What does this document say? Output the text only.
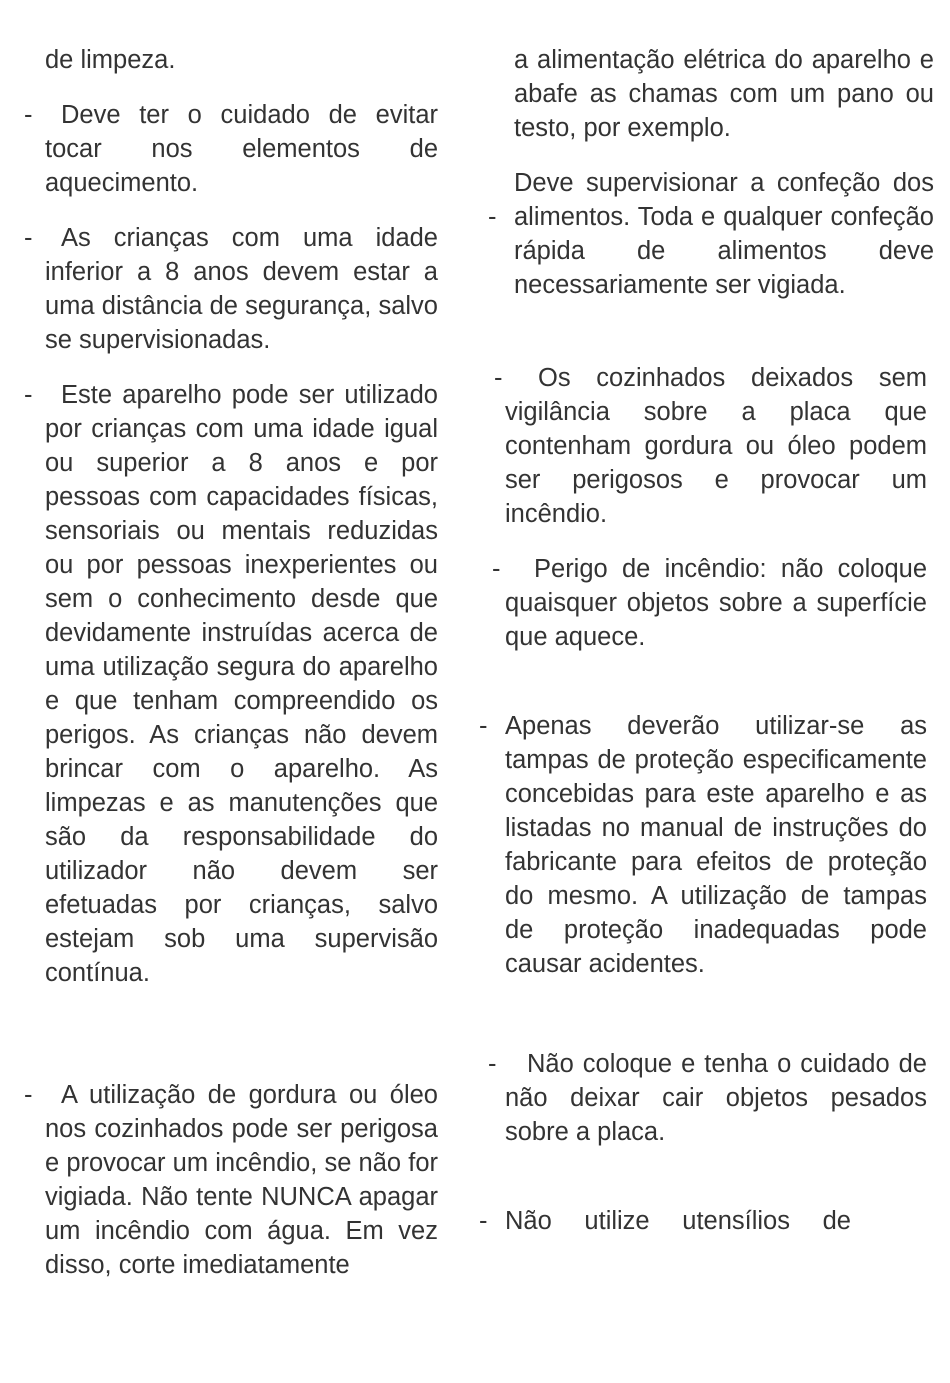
de limpeza.
-	Deve ter o cuidado de evitar tocar nos elementos de aquecimento.
-	As crianças com uma idade inferior a 8 anos devem estar a uma distância de segurança, salvo se supervisionadas.
-	Este aparelho pode ser utilizado por crianças com uma idade igual ou superior a 8 anos e por pessoas com capacidades físicas, sensoriais ou mentais reduzidas ou por pessoas inexperientes ou sem o conhecimento desde que devidamente instruídas acerca de uma utilização segura do aparelho e que tenham compreendido os perigos. As crianças não devem brincar com o aparelho. As limpezas e as manutenções que são da responsabilidade do utilizador não devem ser efetuadas por crianças, salvo estejam sob uma supervisão contínua.
-	A utilização de gordura ou óleo nos cozinhados pode ser perigosa e provocar um incêndio, se não for vigiada. Não tente NUNCA apagar um incêndio com água. Em vez disso, corte imediatamente
a alimentação elétrica do aparelho e abafe as chamas com um pano ou testo, por exemplo.
-
Deve supervisionar a confeção dos alimentos. Toda e qualquer confeção rápida de alimentos deve necessariamente ser vigiada.
-	Os cozinhados deixados sem vigilância sobre a placa que contenham gordura ou óleo podem ser perigosos e provocar um incêndio.
-	Perigo de incêndio: não coloque quaisquer objetos sobre a superfície que aquece.
- Apenas deverão utilizar-se as tampas de proteção especificamente concebidas para este aparelho e as listadas no manual de instruções do fabricante para efeitos de proteção do mesmo. A utilização de tampas de proteção inadequadas pode causar acidentes.
-	Não coloque e tenha o cuidado de não deixar cair objetos pesados sobre a placa.
- Não utilize utensílios de
